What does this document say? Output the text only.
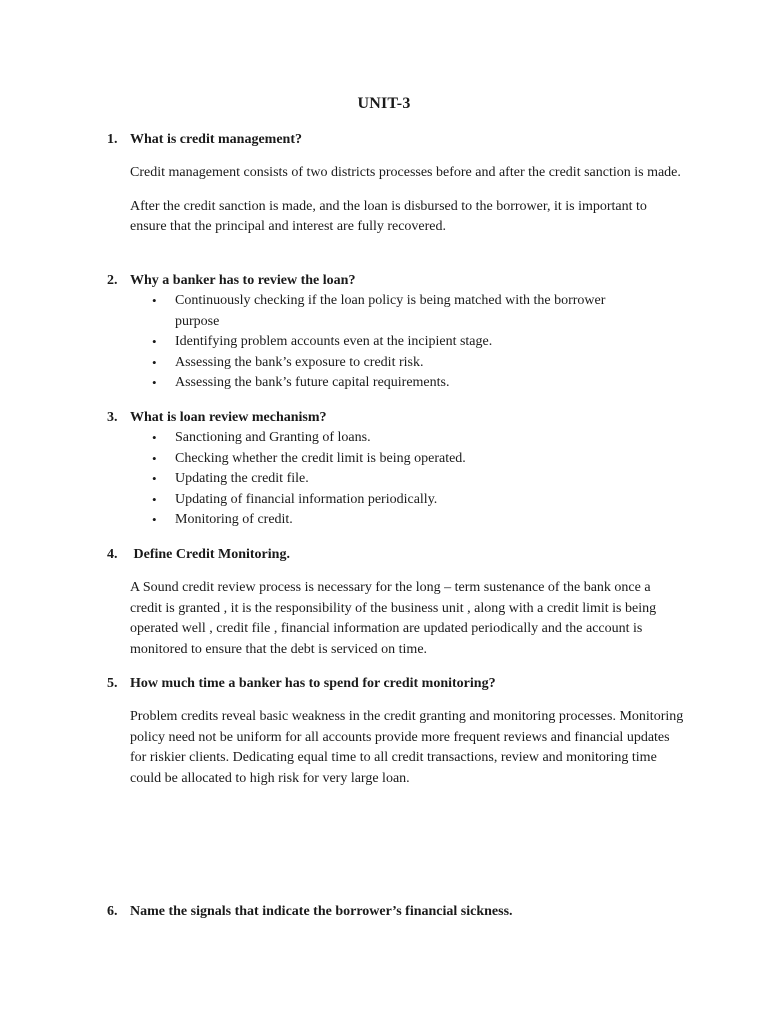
UNIT-3
1. What is credit management?
Credit management consists of two districts processes before and after the credit sanction is made.
After the credit sanction is made, and the loan is disbursed to the borrower, it is important to ensure that the principal and interest are fully recovered.
2. Why a banker has to review the loan?
• Continuously checking if the loan policy is being matched with the borrower purpose
• Identifying problem accounts even at the incipient stage.
• Assessing the bank’s exposure to credit risk.
• Assessing the bank’s future capital requirements.
3. What is loan review mechanism?
• Sanctioning and Granting of loans.
• Checking whether the credit limit is being operated.
• Updating the credit file.
• Updating of financial information periodically.
• Monitoring of credit.
4. Define Credit Monitoring.
A Sound credit review process is necessary for the long – term sustenance of the bank once a credit is granted , it is the responsibility of the business unit , along with a credit limit is being operated well , credit file , financial information are updated periodically and the account is monitored to ensure that the debt is serviced on time.
5. How much time a banker has to spend for credit monitoring?
Problem credits reveal basic weakness in the credit granting and monitoring processes. Monitoring policy need not be uniform for all accounts provide more frequent reviews and financial updates for riskier clients. Dedicating equal time to all credit transactions, review and monitoring time could be allocated to high risk for very large loan.
6. Name the signals that indicate the borrower’s financial sickness.
